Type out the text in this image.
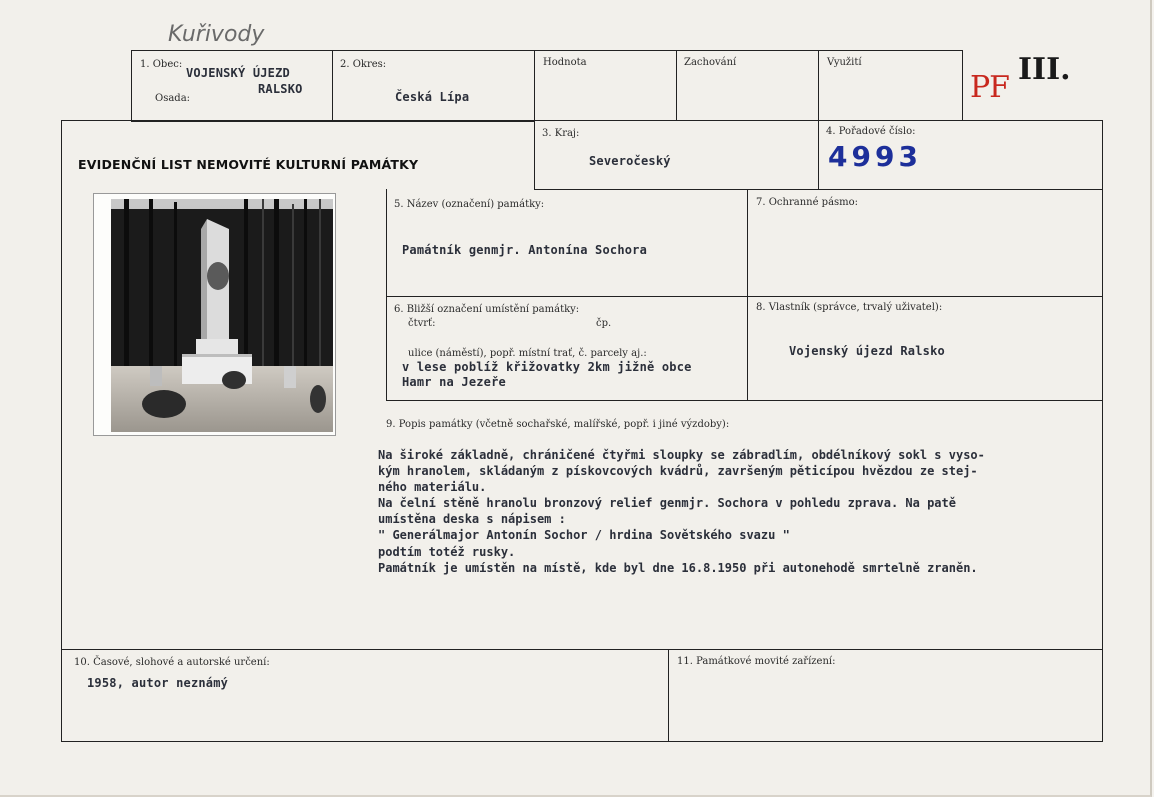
Kuřivody
1. Obec:
VOJENSKÝ ÚJEZD
RALSKO
Osada:
2. Okres:
Česká Lípa
Hodnota	Zachování	Využití
PF
III.
EVIDENČNÍ LIST NEMOVITÉ KULTURNÍ PAMÁTKY
3. Kraj:
Severočeský
4. Pořadové číslo:
4993
5. Název (označení) památky:
Památník genmjr. Antonína Sochora
7. Ochranné pásmo:
6. Bližší označení umístění památky:
čtvrť:	čp.
ulice (náměstí), popř. místní trať, č. parcely aj.:
v lese poblíž křižovatky 2km jižně obce
Hamr na Jezeře
8. Vlastník (správce, trvalý uživatel):
Vojenský újezd Ralsko
9. Popis památky (včetně sochařské, malířské, popř. i jiné výzdoby):
Na široké základně, chráničené čtyřmi sloupky se zábradlím, obdélníkový sokl s vyso-
kým hranolem, skládaným z pískovcových kvádrů, završeným pěticípou hvězdou ze stej-
ného materiálu.
Na čelní stěně hranolu bronzový relief genmjr. Sochora v pohledu zprava. Na patě
umístěna deska s nápisem :
" Generálmajor Antonín Sochor / hrdina Sovětského svazu "
podtím totéž rusky.
Památník je umístěn na místě, kde byl dne 16.8.1950 při autonehodě smrtelně zraněn.
10. Časové, slohové a autorské určení:
1958, autor neznámý
11. Památkové movité zařízení:
